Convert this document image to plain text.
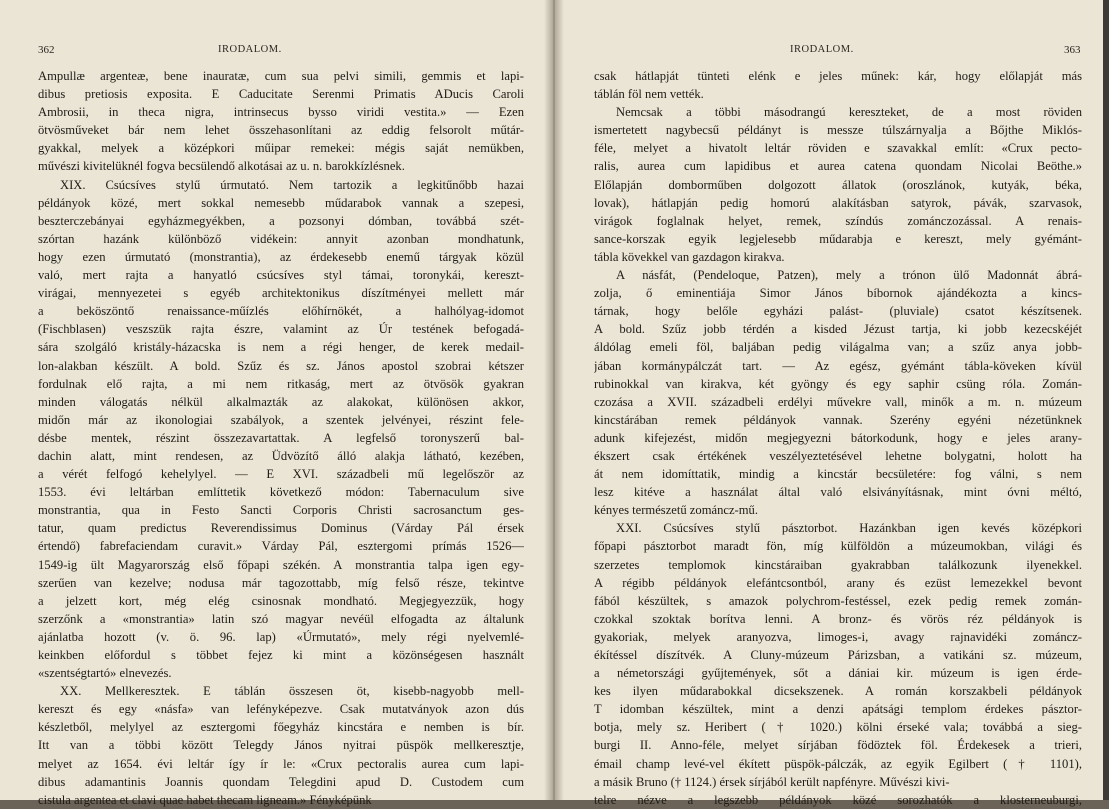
362	IRODALOM.
Ampullæ argenteæ, bene inauratæ, cum sua pelvi simili, gemmis et lapi-
dibus pretiosis exposita. E Caducitate Serenmi Primatis ADucis Caroli
Ambrosii, in theca nigra, intrinsecus bysso viridi vestita.» — Ezen
ötvösműveket bár nem lehet összehasonlítani az eddig felsorolt műtár-
gyakkal, melyek a középkori műipar remekei: mégis saját nemükben,
művészi kivitelüknél fogva becsülendő alkotásai az u. n. barokkízlésnek.
XIX. Csúcsíves stylű úrmutató. Nem tartozik a legkitűnőbb hazai
példányok közé, mert sokkal nemesebb műdarabok vannak a szepesi,
beszterczebányai egyházmegyékben, a pozsonyi dómban, továbbá szét-
szórtan hazánk különböző vidékein: annyit azonban mondhatunk,
hogy ezen úrmutató (monstrantia), az érdekesebb enemű tárgyak közül
való, mert rajta a hanyatló csúcsíves styl támai, toronykái, kereszt-
virágai, mennyezetei s egyéb architektonikus díszítményei mellett már
a beköszöntő renaissance-műízlés előhírnökét, a halhólyag-idomot
(Fischblasen) veszszük rajta észre, valamint az Úr testének befogadá-
sára szolgáló kristály-házacska is nem a régi henger, de kerek medail-
lon-alakban készült. A bold. Szűz és sz. János apostol szobrai kétszer
fordulnak elő rajta, a mi nem ritkaság, mert az ötvösök gyakran
minden válogatás nélkül alkalmazták az alakokat, különösen akkor,
midőn már az ikonologiai szabályok, a szentek jelvényei, részint fele-
désbe mentek, részint összezavartattak. A legfelső toronyszerű bal-
dachin alatt, mint rendesen, az Üdvözítő álló alakja látható, kezében,
a vérét felfogó kehelylyel. — E XVI. századbeli mű legelőször az
1553. évi leltárban említtetik következő módon: Tabernaculum sive
monstrantia, qua in Festo Sancti Corporis Christi sacrosanctum ges-
tatur, quam predictus Reverendissimus Dominus (Várday Pál érsek
értendő) fabrefaciendam curavit.» Várday Pál, esztergomi prímás 1526—
1549-ig ült Magyarország első főpapi székén. A monstrantia talpa igen egy-
szerűen van kezelve; nodusa már tagozottabb, míg felső része, tekintve
a jelzett kort, még elég csinosnak mondható. Megjegyezzük, hogy
szerzőnk a «monstrantia» latin szó magyar nevéül elfogadta az általunk
ajánlatba hozott (v. ö. 96. lap) «Úrmutató», mely régi nyelvemlé-
keinkben előfordul s többet fejez ki mint a közönségesen használt
«szentségtartó» elnevezés.
XX. Mellkeresztek. E táblán összesen öt, kisebb-nagyobb mell-
kereszt és egy «násfa» van lefényképezve. Csak mutatványok azon dús
készletből, melylyel az esztergomi főegyház kincstára e nemben is bír.
Itt van a többi között Telegdy János nyitrai püspök mellkeresztje,
melyet az 1654. évi leltár így ír le: «Crux pectoralis aurea cum lapi-
dibus adamantinis Joannis quondam Telegdini apud D. Custodem cum
cistula argentea et clavi quae habet thecam ligneam.» Fényképünk
IRODALOM.	363
csak hátlapját tünteti elénk e jeles műnek: kár, hogy előlapját más
táblán föl nem vették.
Nemcsak a többi másodrangú kereszteket, de a most röviden
ismertetett nagybecsű példányt is messze túlszárnyalja a Bőjthe Miklós-
féle, melyet a hivatolt leltár röviden e szavakkal említ: «Crux pecto-
ralis, aurea cum lapidibus et aurea catena quondam Nicolai Beöthe.»
Előlapján domborműben dolgozott állatok (oroszlánok, kutyák, béka,
lovak), hátlapján pedig homorú alakításban satyrok, pávák, szarvasok,
virágok foglalnak helyet, remek, színdús zománczozással. A renais-
sance-korszak egyik legjelesebb műdarabja e kereszt, mely gyémánt-
tábla kövekkel van gazdagon kirakva.
A násfát, (Pendeloque, Patzen), mely a trónon ülő Madonnát ábrá-
zolja, ő eminentiája Simor János bíbornok ajándékozta a kincs-
tárnak, hogy belőle egyházi palást- (pluviale) csatot készítsenek.
A bold. Szűz jobb térdén a kisded Jézust tartja, ki jobb kezecskéjét
áldólag emeli föl, baljában pedig világalma van; a szűz anya jobb-
jában kormánypálczát tart. — Az egész, gyémánt tábla-köveken kívül
rubinokkal van kirakva, két gyöngy és egy saphir csüng róla. Zomán-
czozása a XVII. századbeli erdélyi művekre vall, minők a m. n. múzeum
kincstárában remek példányok vannak. Szerény egyéni nézetünknek
adunk kifejezést, midőn megjegyezni bátorkodunk, hogy e jeles arany-
ékszert csak értékének veszélyeztetésével lehetne bolygatni, holott ha
át nem idomíttatik, mindig a kincstár becsületére: fog válni, s nem
lesz kitéve a használat által való elsiványításnak, mint óvni méltó,
kényes természetű zománcz-mű.
XXI. Csúcsíves stylű pásztorbot. Hazánkban igen kevés középkori
főpapi pásztorbot maradt fön, míg külföldön a múzeumokban, világi és
szerzetes templomok kincstáraiban gyakrabban találkozunk ilyenekkel.
A régibb példányok elefántcsontból, arany és ezüst lemezekkel bevont
fából készültek, s amazok polychrom-festéssel, ezek pedig remek zomán-
czokkal szoktak borítva lenni. A bronz- és vörös réz példányok is
gyakoriak, melyek aranyozva, limoges-i, avagy rajnavidéki zománcz-
ékítéssel díszítvék. A Cluny-múzeum Párizsban, a vatikáni sz. múzeum,
a németországi gyűjtemények, sőt a dániai kir. múzeum is igen érde-
kes ilyen műdarabokkal dicsekszenek. A román korszakbeli példányok
T idomban készültek, mint a denzi apátsági templom érdekes pásztor-
botja, mely sz. Heribert († 1020.) kölni érseké vala; továbbá a sieg-
burgi II. Anno-féle, melyet sírjában födöztek föl. Érdekesek a trieri,
émail champ levé-vel ékített püspök-pálczák, az egyik Egilbert († 1101),
a másik Bruno († 1124.) érsek sírjából került napfényre. Művészi kivi-
telre nézve a legszebb példányok közé sorozhatók a klosterneuburgi,
